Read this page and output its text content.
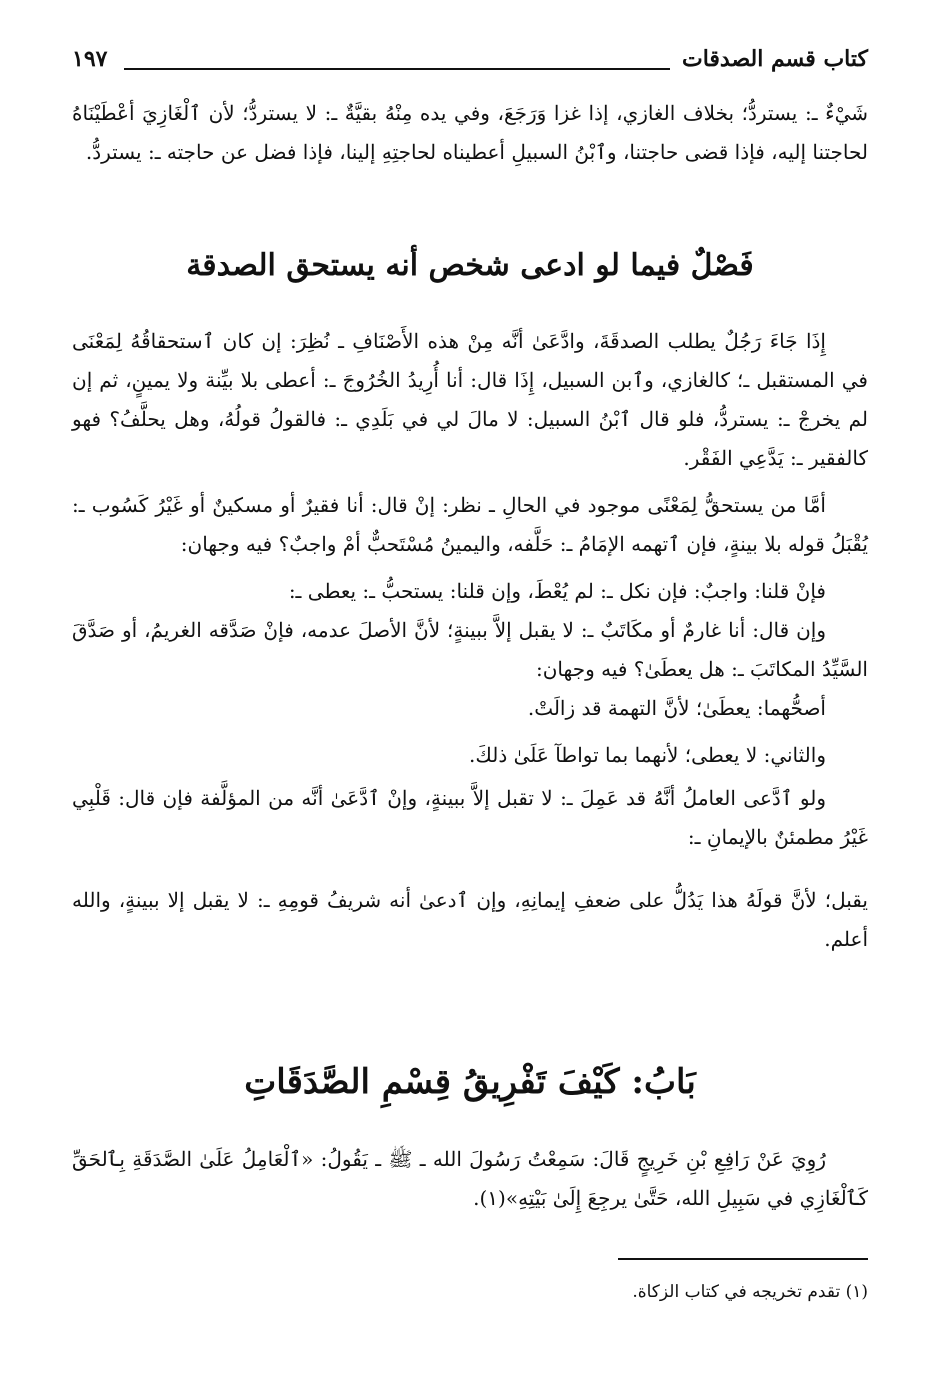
كتاب قسم الصدقات
١٩٧

شَيْءٌ ـ: يستردُّ؛ بخلاف الغازي، إذا غزا وَرَجَعَ، وفي يده مِنْهُ بقيَّةٌ ـ: لا يستردُّ؛ لأن ٱلْغَازِيَ أعْطَيْنَاهُ لحاجتنا إليه، فإذا قضى حاجتنا، وٱبْنُ السبيلِ أعطيناه لحاجتِهِ إلينا، فإذا فضل عن حاجته ـ: يستردُّ.

فَصْلٌ فيما لو ادعى شخص أنه يستحق الصدقة

إِذَا جَاءَ رَجُلٌ يطلب الصدقَةَ، وادَّعَىٰ أنَّه مِنْ هذه الأَصْنَافِ ـ نُظِرَ: إن كان ٱستحقاقُهُ لِمَعْنَى في المستقبل ـ؛ كالغازي، وٱبن السبيل، إِذَا قال: أنا أُرِيدُ الخُرُوجَ ـ: أعطى بلا بيِّنة ولا يمينٍ، ثم إن لم يخرجْ ـ: يستردُّ، فلو قال ٱبْنُ السبيل: لا مالَ لي في بَلَدِي ـ: فالقولُ قولُهُ، وهل يحلَّفُ؟ فهو كالفقير ـ: يَدَّعِي الفَقْر.

أمَّا من يستحقُّ لِمَعْنًى موجود في الحالِ ـ نظر: إنْ قال: أنا فقيرٌ أو مسكينٌ أو غَيْرُ كَسُوب ـ: يُقْبَلُ قوله بلا بينةٍ، فإن ٱتهمه الإمَامُ ـ: حَلَّفه، واليمينُ مُسْتَحبٌّ أمْ واجبٌ؟ فيه وجهان:

فإنْ قلنا: واجبٌ: فإن نكل ـ: لم يُعْطَ، وإن قلنا: يستحبُّ ـ: يعطى ـ:

وإن قال: أنا غارمٌ أو مكَاتَبٌ ـ: لا يقبل إلاَّ ببينةٍ؛ لأنَّ الأصلَ عدمه، فإنْ صَدَّقه الغريمُ، أو صَدَّقَ السَّيِّدُ المكاتَبَ ـ: هل يعطَىٰ؟ فيه وجهان:

أصحُّهما: يعطَىٰ؛ لأنَّ التهمة قد زالَتْ.

والثاني: لا يعطى؛ لأنهما بما تواطآ عَلَىٰ ذلكَ.

ولو ٱدَّعى العاملُ أنَّهُ قد عَمِلَ ـ: لا تقبل إلاَّ ببينةٍ، وإنْ ٱدَّعَىٰ أنَّه من المؤلَّفة فإن قال: قَلْبِي غَيْرُ مطمئنٌ بالإيمانِ ـ:

يقبل؛ لأنَّ قولَهُ هذا يَدُلُّ على ضعفِ إيمانِهِ، وإن ٱدعىٰ أنه شريفُ قومِهِ ـ: لا يقبل إلا ببينةٍ، والله أعلم.

بَابُ: كَيْفَ تَفْرِيقُ قِسْمِ الصَّدَقَاتِ

رُوِيَ عَنْ رَافِعِ بْنِ خَرِيجٍ قَالَ: سَمِعْتُ رَسُولَ الله ـ ﷺ ـ يَقُولُ: «ٱلْعَامِلُ عَلَىٰ الصَّدَقَةِ بِٱلحَقِّ كَٱلْغَازِي في سَبِيلِ الله، حَتَّىٰ يرجِعَ إِلَىٰ بَيْتِهِ»(١).

(١) تقدم تخريجه في كتاب الزكاة.
